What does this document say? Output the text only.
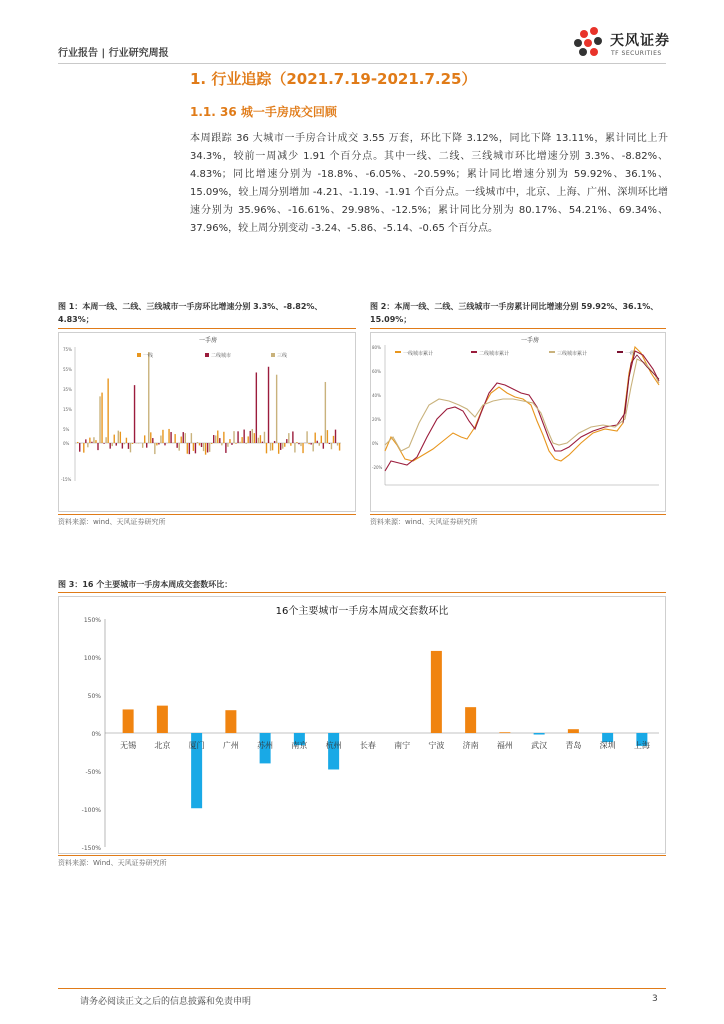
行业报告 | 行业研究周报
天风证券
TF SECURITIES
1. 行业追踪（2021.7.19-2021.7.25）
1.1. 36 城一手房成交回顾
本周跟踪 36 大城市一手房合计成交 3.55 万套，环比下降 3.12%，同比下降 13.11%，累计同比上升 34.3%，较前一周减少 1.91 个百分点。其中一线、二线、三线城市环比增速分别 3.3%、-8.82%、4.83%；同比增速分别为 -18.8%、-6.05%、-20.59%；累计同比增速分别为 59.92%、36.1%、15.09%，较上周分别增加 -4.21、-1.19、-1.91 个百分点。一线城市中，北京、上海、广州、深圳环比增速分别为 35.96%、-16.61%、29.98%、-12.5%；累计同比分别为 80.17%、54.21%、69.34%、37.96%，较上周分别变动 -3.24、-5.86、-5.14、-0.65 个百分点。
图 1：本周一线、二线、三线城市一手房环比增速分别 3.3%、-8.82%、4.83%；
一手房
75%
55%
35%
15%
5%
0%
-15%
一线	二线城市	三线
资料来源：wind、天风证券研究所
图 2：本周一线、二线、三线城市一手房累计同比增速分别 59.92%、36.1%、15.09%；
一手房
80%
60%
40%
20%
0%
-20%
一线城市累计	二线城市累计	三线城市累计	一线
资料来源：wind、天风证券研究所
图 3：16 个主要城市一手房本周成交套数环比：
16个主要城市一手房本周成交套数环比
150%
100%
50%
0%
-50%
-100%
-150%
无锡 北京 厦门 广州 苏州 南京 杭州 长春 南宁 宁波 济南 福州 武汉 青岛 深圳 上海
资料来源：Wind、天风证券研究所
请务必阅读正文之后的信息披露和免责申明	3
